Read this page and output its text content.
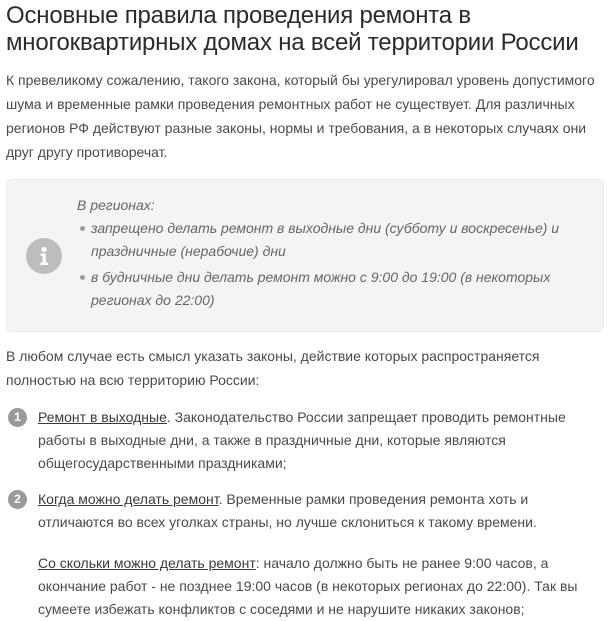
Основные правила проведения ремонта в многоквартирных домах на всей территории России

К превеликому сожалению, такого закона, который бы урегулировал уровень допустимого шума и временные рамки проведения ремонтных работ не существует. Для различных регионов РФ действуют разные законы, нормы и требования, а в некоторых случаях они друг другу противоречат.

В регионах:

запрещено делать ремонт в выходные дни (субботу и воскресенье) и праздничные (нерабочие) дни
в будничные дни делать ремонт можно с 9:00 до 19:00 (в некоторых регионах до 22:00)

В любом случае есть смысл указать законы, действие которых распространяется полностью на всю территорию России:

1	Ремонт в выходные. Законодательство России запрещает проводить ремонтные работы в выходные дни, а также в праздничные дни, которые являются общегосударственными праздниками;
2	Когда можно делать ремонт. Временные рамки проведения ремонта хоть и отличаются во всех уголках страны, но лучше склониться к такому времени.

Со скольки можно делать ремонт: начало должно быть не ранее 9:00 часов, а окончание работ - не позднее 19:00 часов (в некоторых регионах до 22:00). Так вы сумеете избежать конфликтов с соседями и не нарушите никаких законов;
